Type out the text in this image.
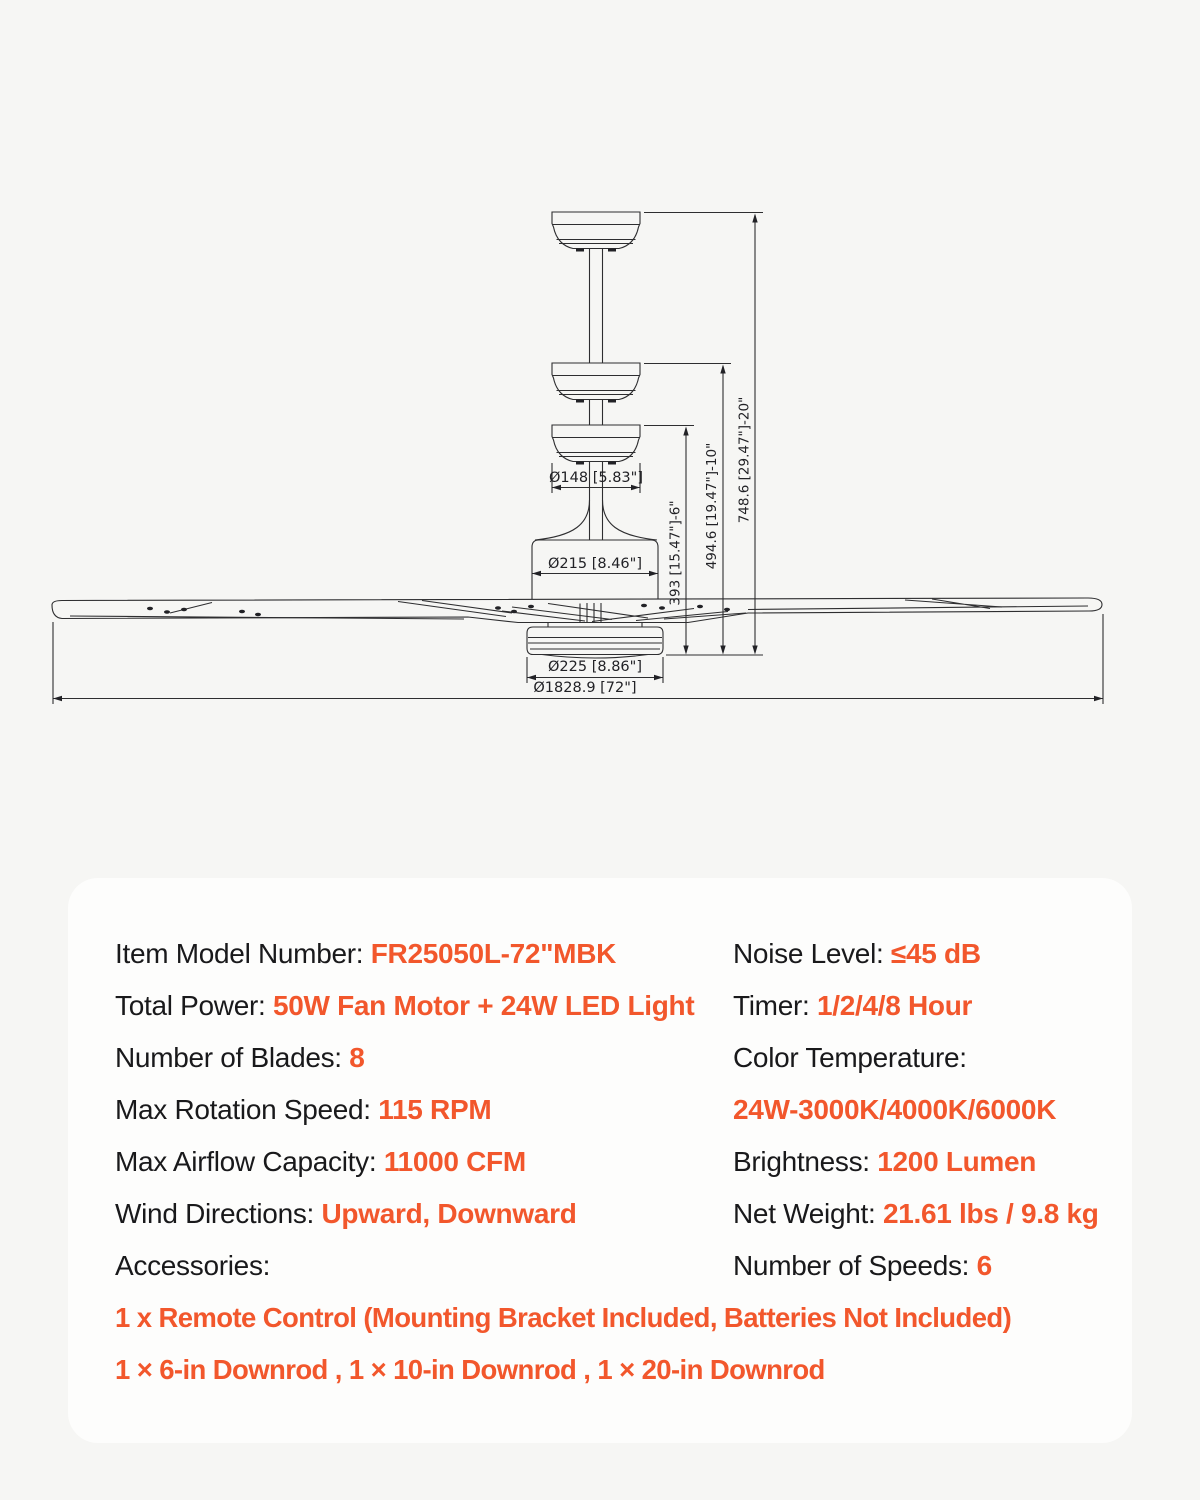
Ø215 [8.46"]
Ø148 [5.83"]
Ø225 [8.86"]
Ø1828.9 [72"]
393 [15.47"]-6" 494.6 [19.47"]-10" 748.6 [29.47"]-20"
Item Model Number: FR25050L-72"MBK	Noise Level: ≤45 dB
Total Power: 50W Fan Motor + 24W LED Light	Timer: 1/2/4/8 Hour
Number of Blades: 8	Color Temperature:
Max Rotation Speed: 115 RPM	24W-3000K/4000K/6000K
Max Airflow Capacity: 11000 CFM	Brightness: 1200 Lumen
Wind Directions: Upward, Downward	Net Weight: 21.61 lbs / 9.8 kg
Accessories:	Number of Speeds: 6
1 x Remote Control (Mounting Bracket Included, Batteries Not Included)
1 × 6-in Downrod , 1 × 10-in Downrod , 1 × 20-in Downrod
